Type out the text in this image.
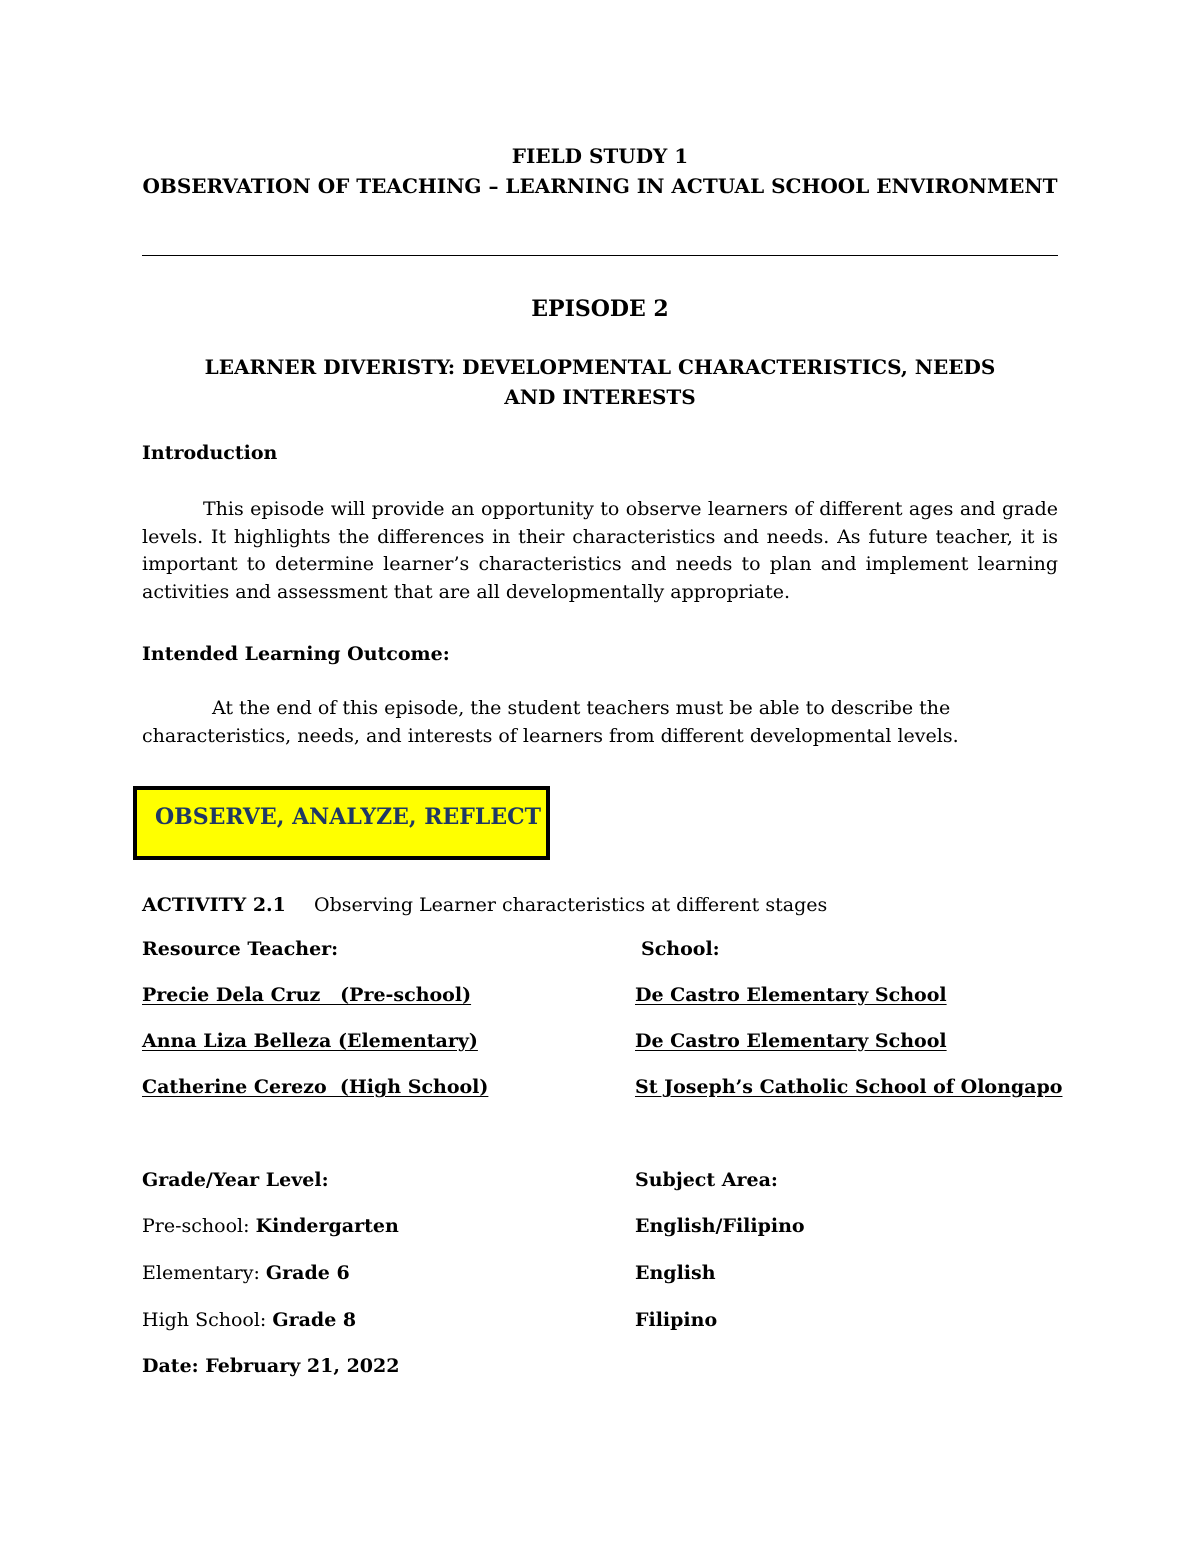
FIELD STUDY 1
OBSERVATION OF TEACHING – LEARNING IN ACTUAL SCHOOL ENVIRONMENT
EPISODE 2
LEARNER DIVERISTY: DEVELOPMENTAL CHARACTERISTICS, NEEDS
AND INTERESTS
Introduction

This episode will provide an opportunity to observe learners of different ages and grade levels. It highlights the differences in their characteristics and needs. As future teacher, it is important to determine learner’s characteristics and needs to plan and implement learning activities and assessment that are all developmentally appropriate.

Intended Learning Outcome:
At the end of this episode, the student teachers must be able to describe the
characteristics, needs, and interests of learners from different developmental levels.
OBSERVE, ANALYZE, REFLECT
ACTIVITY 2.1 Observing Learner characteristics at different stages
Resource Teacher:	School:
Precie Dela Cruz   (Pre-school)	De Castro Elementary School
Anna Liza Belleza (Elementary)	De Castro Elementary School
Catherine Cerezo  (High School)	St Joseph’s Catholic School of Olongapo
Grade/Year Level:	Subject Area:
Pre-school: Kindergarten	English/Filipino
Elementary: Grade 6	English
High School: Grade 8	Filipino
Date: February 21, 2022
